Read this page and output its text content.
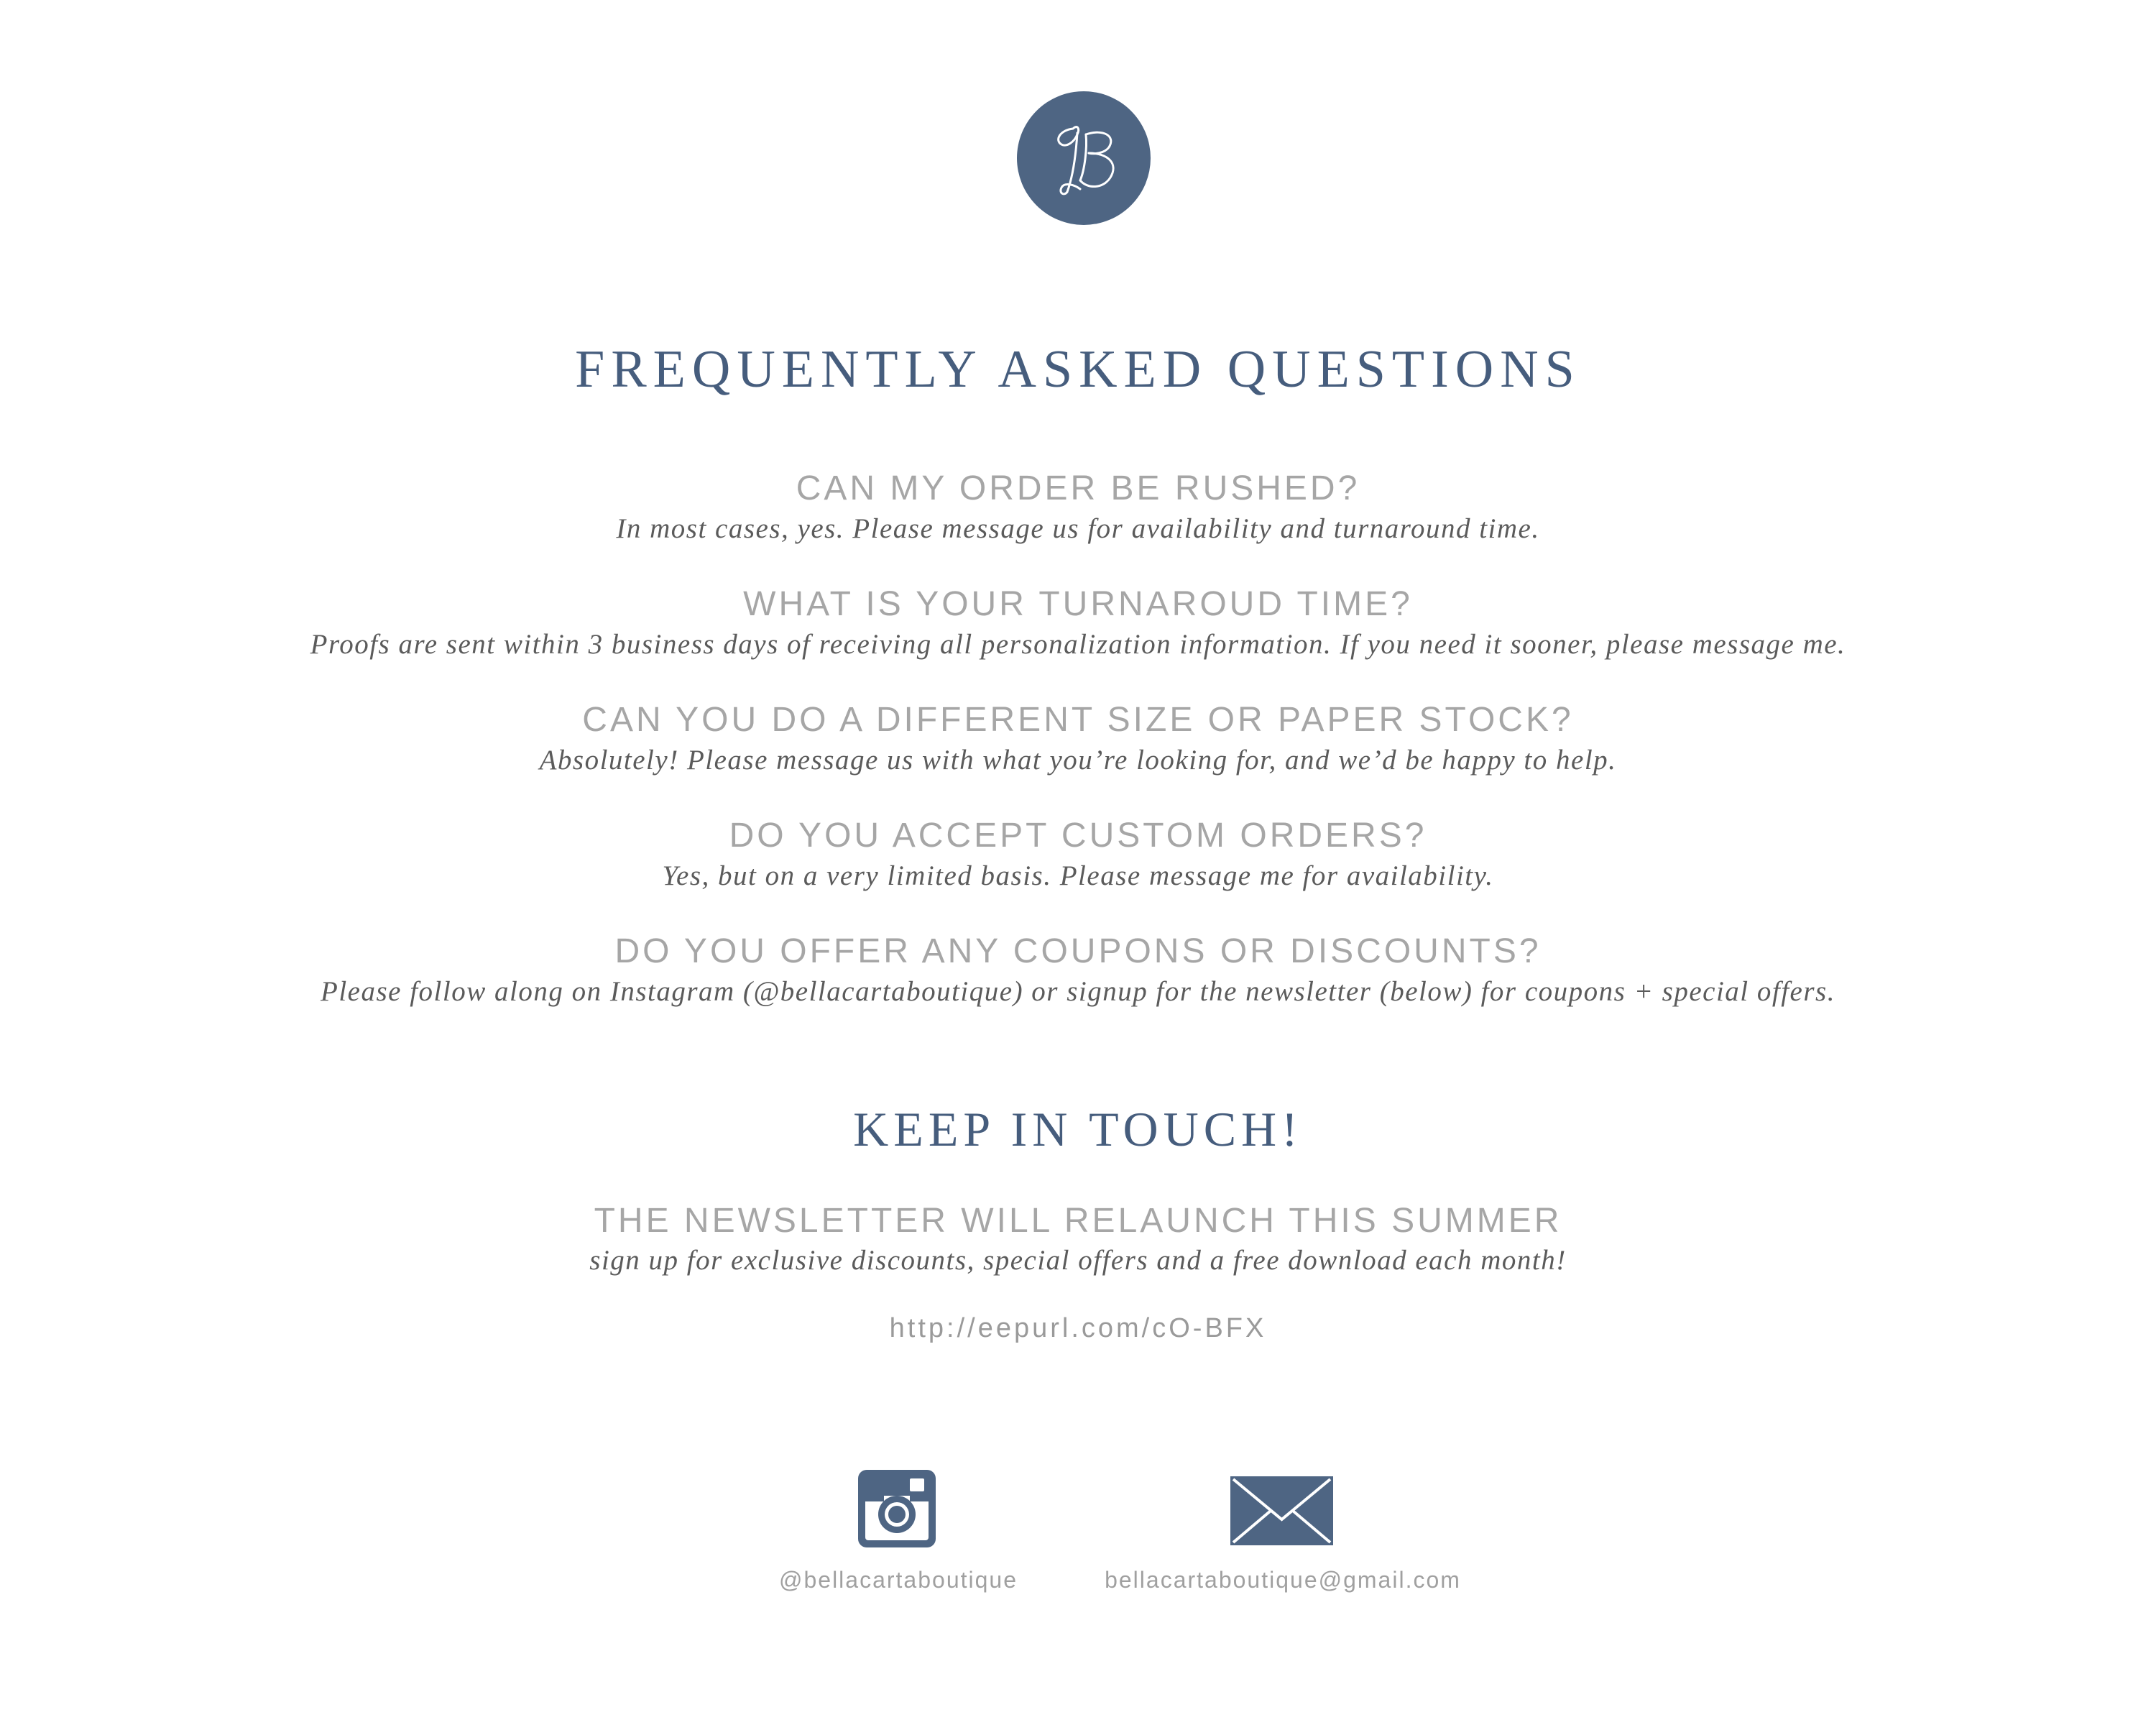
FREQUENTLY ASKED QUESTIONS
CAN MY ORDER BE RUSHED?
In most cases, yes. Please message us for availability and turnaround time.
WHAT IS YOUR TURNAROUD TIME?
Proofs are sent within 3 business days of receiving all personalization information. If you need it sooner, please message me.
CAN YOU DO A DIFFERENT SIZE OR PAPER STOCK?
Absolutely! Please message us with what you’re looking for, and we’d be happy to help.
DO YOU ACCEPT CUSTOM ORDERS?
Yes, but on a very limited basis. Please message me for availability.
DO YOU OFFER ANY COUPONS OR DISCOUNTS?
Please follow along on Instagram (@bellacartaboutique) or signup for the newsletter (below) for coupons + special offers.
KEEP IN TOUCH!
THE NEWSLETTER WILL RELAUNCH THIS SUMMER
sign up for exclusive discounts, special offers and a free download each month!
http://eepurl.com/cO-BFX
@bellacartaboutique	bellacartaboutique@gmail.com
